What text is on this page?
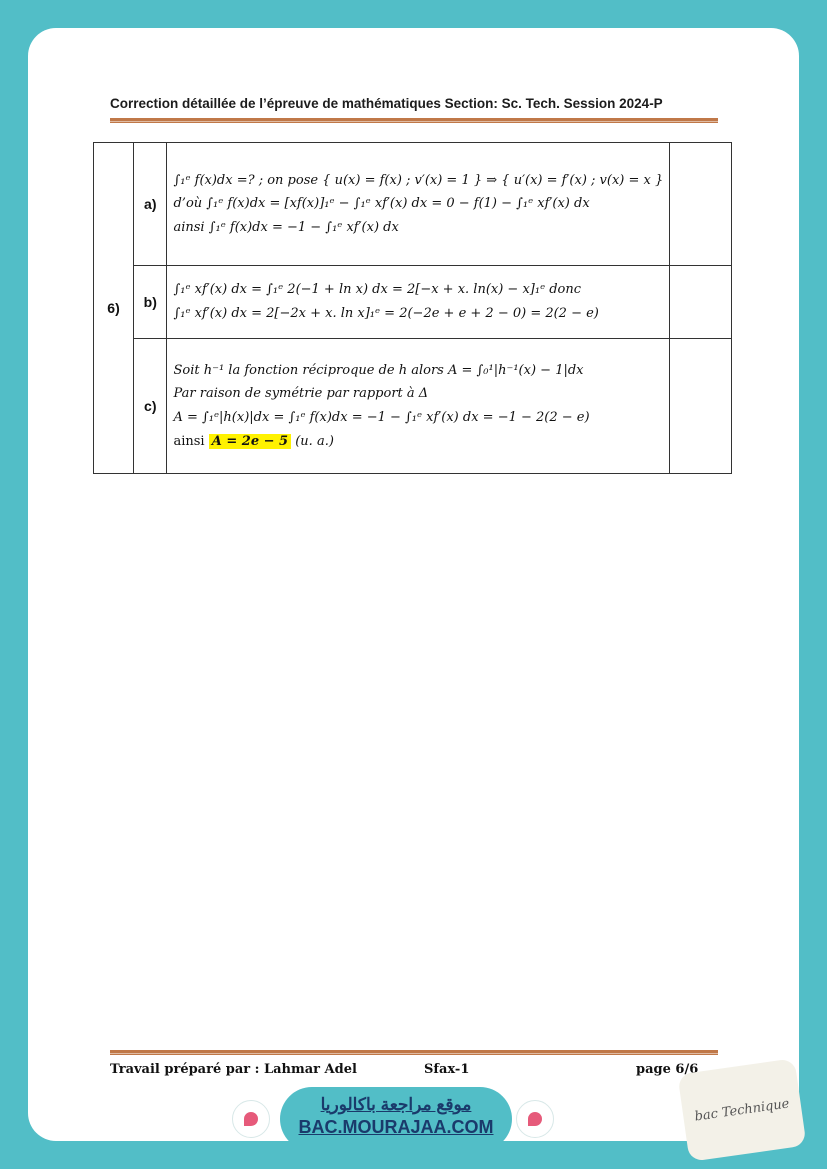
Correction détaillée de l’épreuve de mathématiques Section: Sc. Tech. Session 2024-P
6)	a)	∫₁ᵉ f(x)dx =? ; on pose { u(x) = f(x) ; v′(x) = 1 } ⇒ { u′(x) = f′(x) ; v(x) = x }
d’où ∫₁ᵉ f(x)dx = [xf(x)]₁ᵉ − ∫₁ᵉ xf′(x) dx = 0 − f(1) − ∫₁ᵉ xf′(x) dx
ainsi ∫₁ᵉ f(x)dx = −1 − ∫₁ᵉ xf′(x) dx	

	b)	∫₁ᵉ xf′(x) dx = ∫₁ᵉ 2(−1 + ln x) dx = 2[−x + x. ln(x) − x]₁ᵉ donc
∫₁ᵉ xf′(x) dx = 2[−2x + x. ln x]₁ᵉ = 2(−2e + e + 2 − 0) = 2(2 − e)	

	c)	Soit h⁻¹ la fonction réciproque de h alors A = ∫₀¹|h⁻¹(x) − 1|dx
Par raison de symétrie par rapport à Δ
A = ∫₁ᵉ|h(x)|dx = ∫₁ᵉ f(x)dx = −1 − ∫₁ᵉ xf′(x) dx = −1 − 2(2 − e)
ainsi A = 2e − 5 (u. a.)	

Travail préparé par : Lahmar Adel	Sfax-1	page 6/6
موقع مراجعة باكالوريا
BAC.MOURAJAA.COM
bac Technique
